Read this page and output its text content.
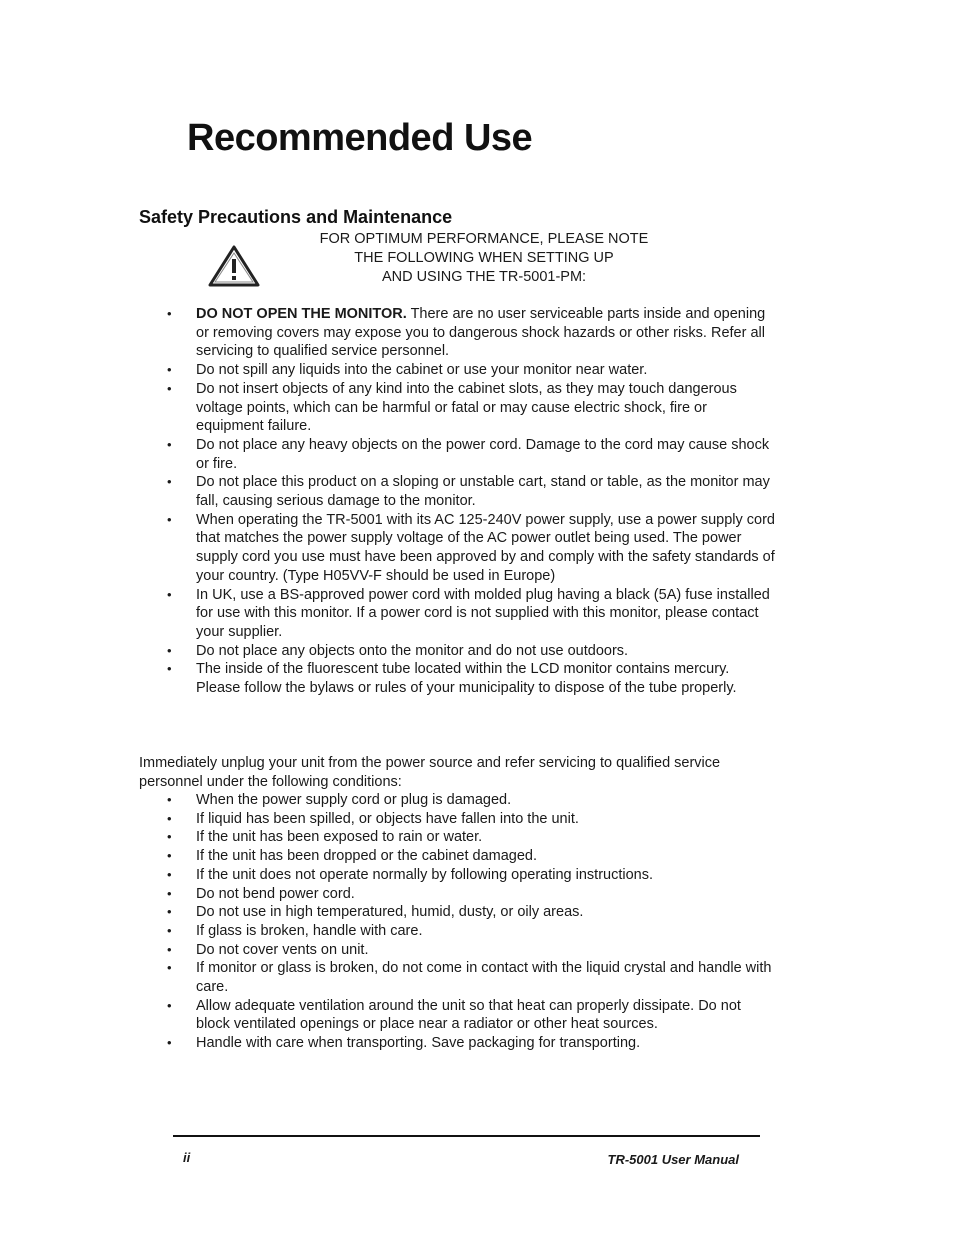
Recommended Use
Safety Precautions and Maintenance
FOR OPTIMUM PERFORMANCE, PLEASE NOTE
THE FOLLOWING WHEN SETTING UP
AND USING THE TR-5001-PM:
•	DO NOT OPEN THE MONITOR. There are no user serviceable parts inside and opening or removing covers may expose you to dangerous shock hazards or other risks. Refer all servicing to qualified service personnel.
•	Do not spill any liquids into the cabinet or use your monitor near water.
•	Do not insert objects of any kind into the cabinet slots, as they may touch dangerous voltage points, which can be harmful or fatal or may cause electric shock, fire or equipment failure.
•	Do not place any heavy objects on the power cord. Damage to the cord may cause shock or fire.
•	Do not place this product on a sloping or unstable cart, stand or table, as the monitor may fall, causing serious damage to the monitor.
•	When operating the TR-5001 with its AC 125-240V power supply, use a power supply cord that matches the power supply voltage of the AC power outlet being used. The power supply cord you use must have been approved by and comply with the safety standards of your country. (Type H05VV-F should be used in Europe)
•	In UK, use a BS-approved power cord with molded plug having a black (5A) fuse installed for use with this monitor. If a power cord is not supplied with this monitor, please contact your supplier.
•	Do not place any objects onto the monitor and do not use outdoors.
•	The inside of the fluorescent tube located within the LCD monitor contains mercury. Please follow the bylaws or rules of your municipality to dispose of the tube properly.

Immediately unplug your unit from the power source and refer servicing to qualified service personnel under the following conditions:

•	When the power supply cord or plug is damaged.
•	If liquid has been spilled, or objects have fallen into the unit.
•	If the unit has been exposed to rain or water.
•	If the unit has been dropped or the cabinet damaged.
•	If the unit does not operate normally by following operating instructions.
•	Do not bend power cord.
•	Do not use in high temperatured, humid, dusty, or oily areas.
•	If glass is broken, handle with care.
•	Do not cover vents on unit.
•	If monitor or glass is broken, do not come in contact with the liquid crystal and handle with care.
•	Allow adequate ventilation around the unit so that heat can properly dissipate. Do not block ventilated openings or place near a radiator or other heat sources.
•	Handle with care when transporting. Save packaging for transporting.
ii	TR-5001 User Manual
